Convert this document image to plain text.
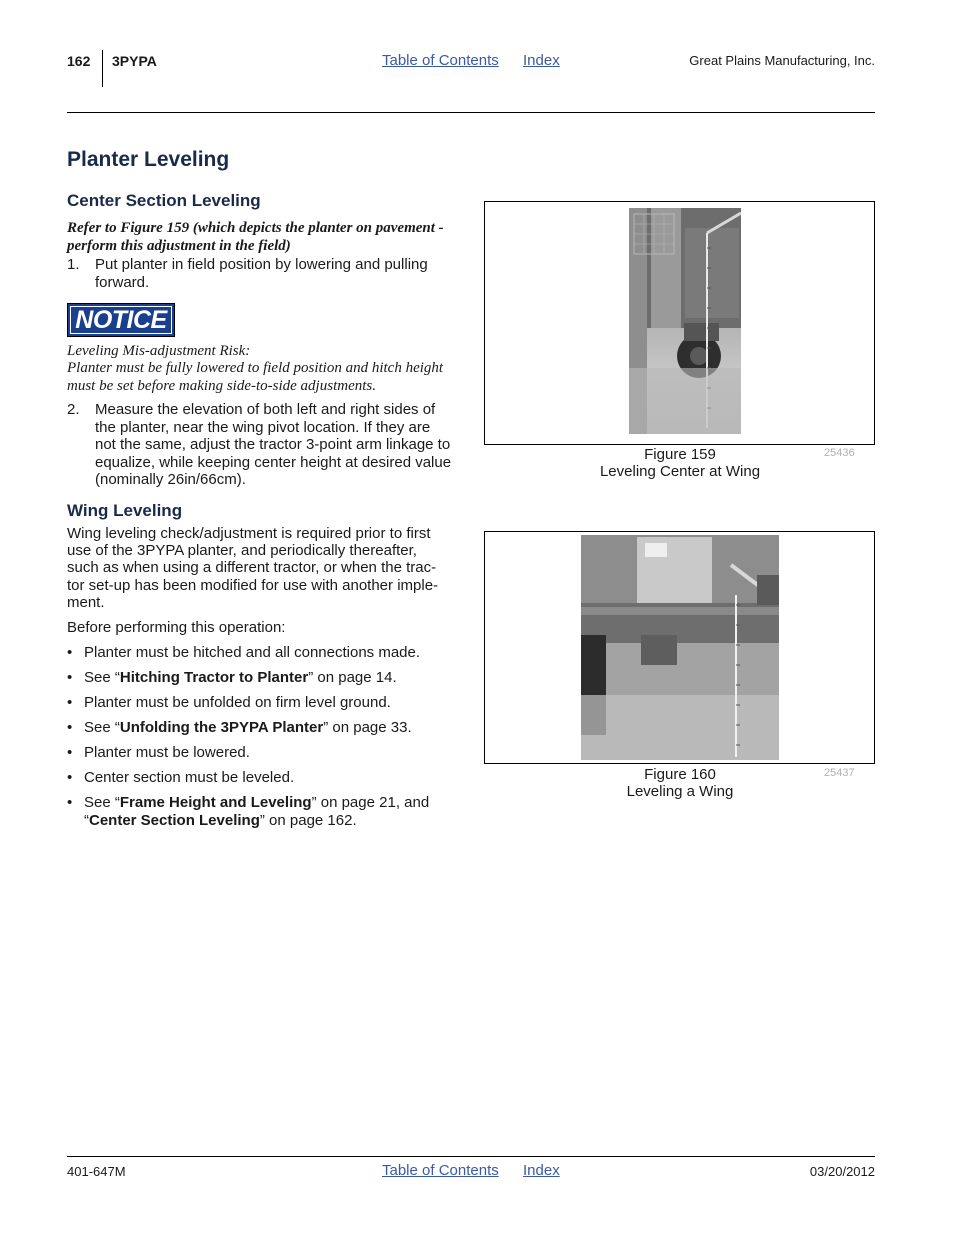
162 3PYPA	Table of Contents Index	Great Plains Manufacturing, Inc.
Planter Leveling
Center Section Leveling
Refer to Figure 159 (which depicts the planter on pavement - perform this adjustment in the field)
1. Put planter in field position by lowering and pulling forward.
NOTICE
Leveling Mis-adjustment Risk:
Planter must be fully lowered to field position and hitch height must be set before making side-to-side adjustments.
2. Measure the elevation of both left and right sides of the planter, near the wing pivot location. If they are not the same, adjust the tractor 3-point arm linkage to equalize, while keeping center height at desired value (nominally 26in/66cm).
Wing Leveling
Wing leveling check/adjustment is required prior to first use of the 3PYPA planter, and periodically thereafter, such as when using a different tractor, or when the trac-tor set-up has been modified for use with another imple-ment.
Before performing this operation:
• Planter must be hitched and all connections made.
• See “Hitching Tractor to Planter” on page 14.
• Planter must be unfolded on firm level ground.
• See “Unfolding the 3PYPA Planter” on page 33.
• Planter must be lowered.
• Center section must be leveled.
• See “Frame Height and Leveling” on page 21, and “Center Section Leveling” on page 162.
Figure 159
Leveling Center at Wing
25436
Figure 160
Leveling a Wing
25437
401-647M	Table of Contents Index	03/20/2012
